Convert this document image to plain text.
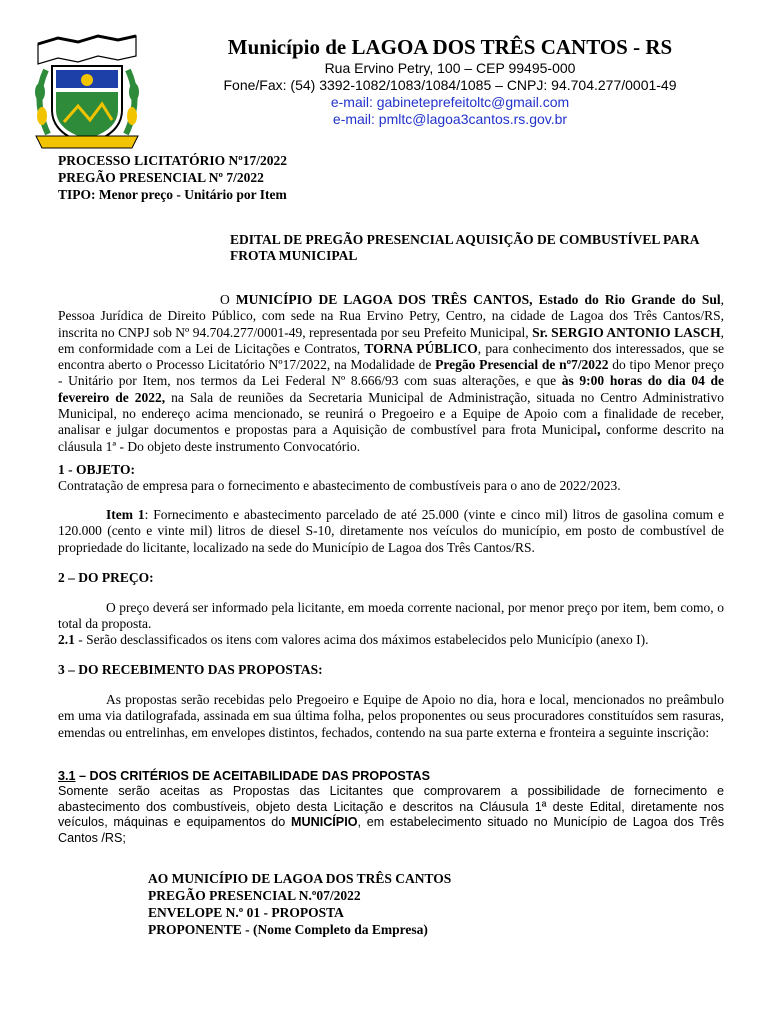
Município de LAGOA DOS TRÊS CANTOS - RS
Rua Ervino Petry, 100 – CEP 99495-000
Fone/Fax: (54) 3392-1082/1083/1084/1085 – CNPJ: 94.704.277/0001-49
e-mail: gabineteprefeitoltc@gmail.com
e-mail: pmltc@lagoa3cantos.rs.gov.br
PROCESSO LICITATÓRIO Nº17/2022
PREGÃO PRESENCIAL Nº 7/2022
TIPO: Menor preço - Unitário por Item
EDITAL DE PREGÃO PRESENCIAL AQUISIÇÃO DE COMBUSTÍVEL PARA FROTA MUNICIPAL
O MUNICÍPIO DE LAGOA DOS TRÊS CANTOS, Estado do Rio Grande do Sul, Pessoa Jurídica de Direito Público, com sede na Rua Ervino Petry, Centro, na cidade de Lagoa dos Três Cantos/RS, inscrita no CNPJ sob Nº 94.704.277/0001-49, representada por seu Prefeito Municipal, Sr. SERGIO ANTONIO LASCH, em conformidade com a Lei de Licitações e Contratos, TORNA PÚBLICO, para conhecimento dos interessados, que se encontra aberto o Processo Licitatório Nº17/2022, na Modalidade de Pregão Presencial de nº7/2022 do tipo Menor preço - Unitário por Item, nos termos da Lei Federal Nº 8.666/93 com suas alterações, e que às 9:00 horas do dia 04 de fevereiro de 2022, na Sala de reuniões da Secretaria Municipal de Administração, situada no Centro Administrativo Municipal, no endereço acima mencionado, se reunirá o Pregoeiro e a Equipe de Apoio com a finalidade de receber, analisar e julgar documentos e propostas para a Aquisição de combustível para frota Municipal, conforme descrito na cláusula 1ª - Do objeto deste instrumento Convocatório.
1 - OBJETO:
Contratação de empresa para o fornecimento e abastecimento de combustíveis para o ano de 2022/2023.
Item 1: Fornecimento e abastecimento parcelado de até 25.000 (vinte e cinco mil) litros de gasolina comum e 120.000 (cento e vinte mil) litros de diesel S-10, diretamente nos veículos do município, em posto de combustível de propriedade do licitante, localizado na sede do Município de Lagoa dos Três Cantos/RS.
2 – DO PREÇO:
O preço deverá ser informado pela licitante, em moeda corrente nacional, por menor preço por item, bem como, o total da proposta.
2.1 - Serão desclassificados os itens com valores acima dos máximos estabelecidos pelo Município (anexo I).
3 – DO RECEBIMENTO DAS PROPOSTAS:
As propostas serão recebidas pelo Pregoeiro e Equipe de Apoio no dia, hora e local, mencionados no preâmbulo em uma via datilografada, assinada em sua última folha, pelos proponentes ou seus procuradores constituídos sem rasuras, emendas ou entrelinhas, em envelopes distintos, fechados, contendo na sua parte externa e fronteira a seguinte inscrição:
3.1 – DOS CRITÉRIOS DE ACEITABILIDADE DAS PROPOSTAS
Somente serão aceitas as Propostas das Licitantes que comprovarem a possibilidade de fornecimento e abastecimento dos combustíveis, objeto desta Licitação e descritos na Cláusula 1ª deste Edital, diretamente nos veículos, máquinas e equipamentos do MUNICÍPIO, em estabelecimento situado no Município de Lagoa dos Três Cantos /RS;
AO MUNICÍPIO DE LAGOA DOS TRÊS CANTOS
PREGÃO PRESENCIAL N.º07/2022
ENVELOPE N.º 01 - PROPOSTA
PROPONENTE - (Nome Completo da Empresa)
